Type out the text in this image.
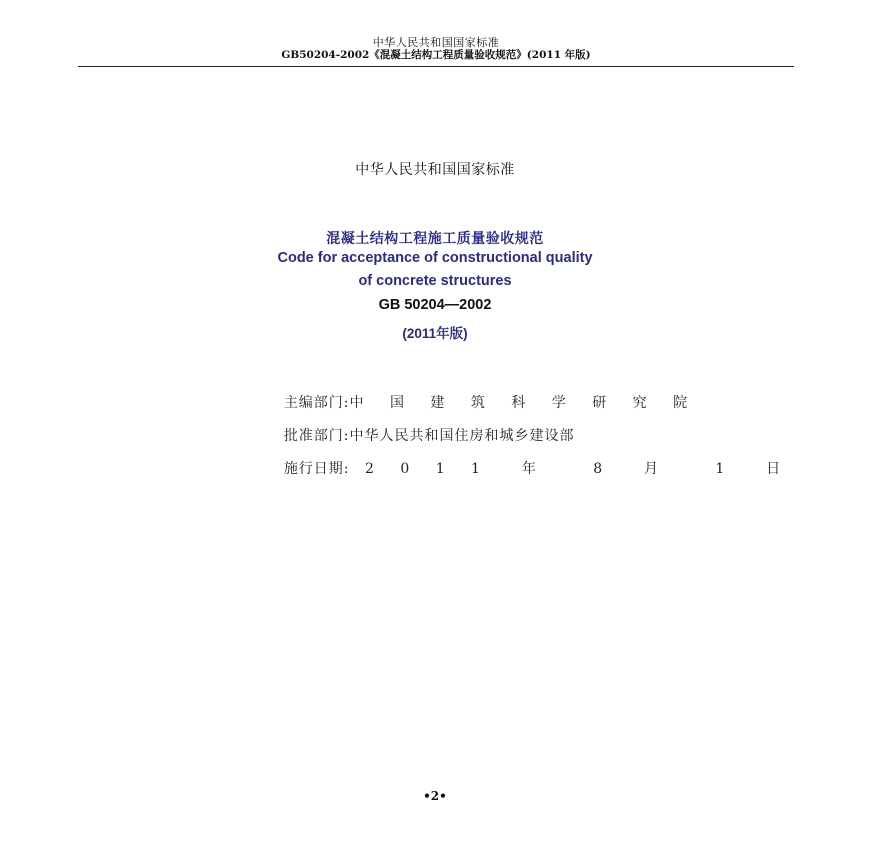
中华人民共和国国家标准
GB50204-2002《混凝土结构工程质量验收规范》(2011 年版)
中华人民共和国国家标准
混凝土结构工程施工质量验收规范
Code for acceptance of constructional quality
of concrete structures
GB 50204—2002
(2011年版)

主编部门:中 国 建 筑 科 学 研 究 院

批准部门:中华人民共和国住房和城乡建设部

施行日期: 2 0 1 1  年   8  月   1  日

•2•
